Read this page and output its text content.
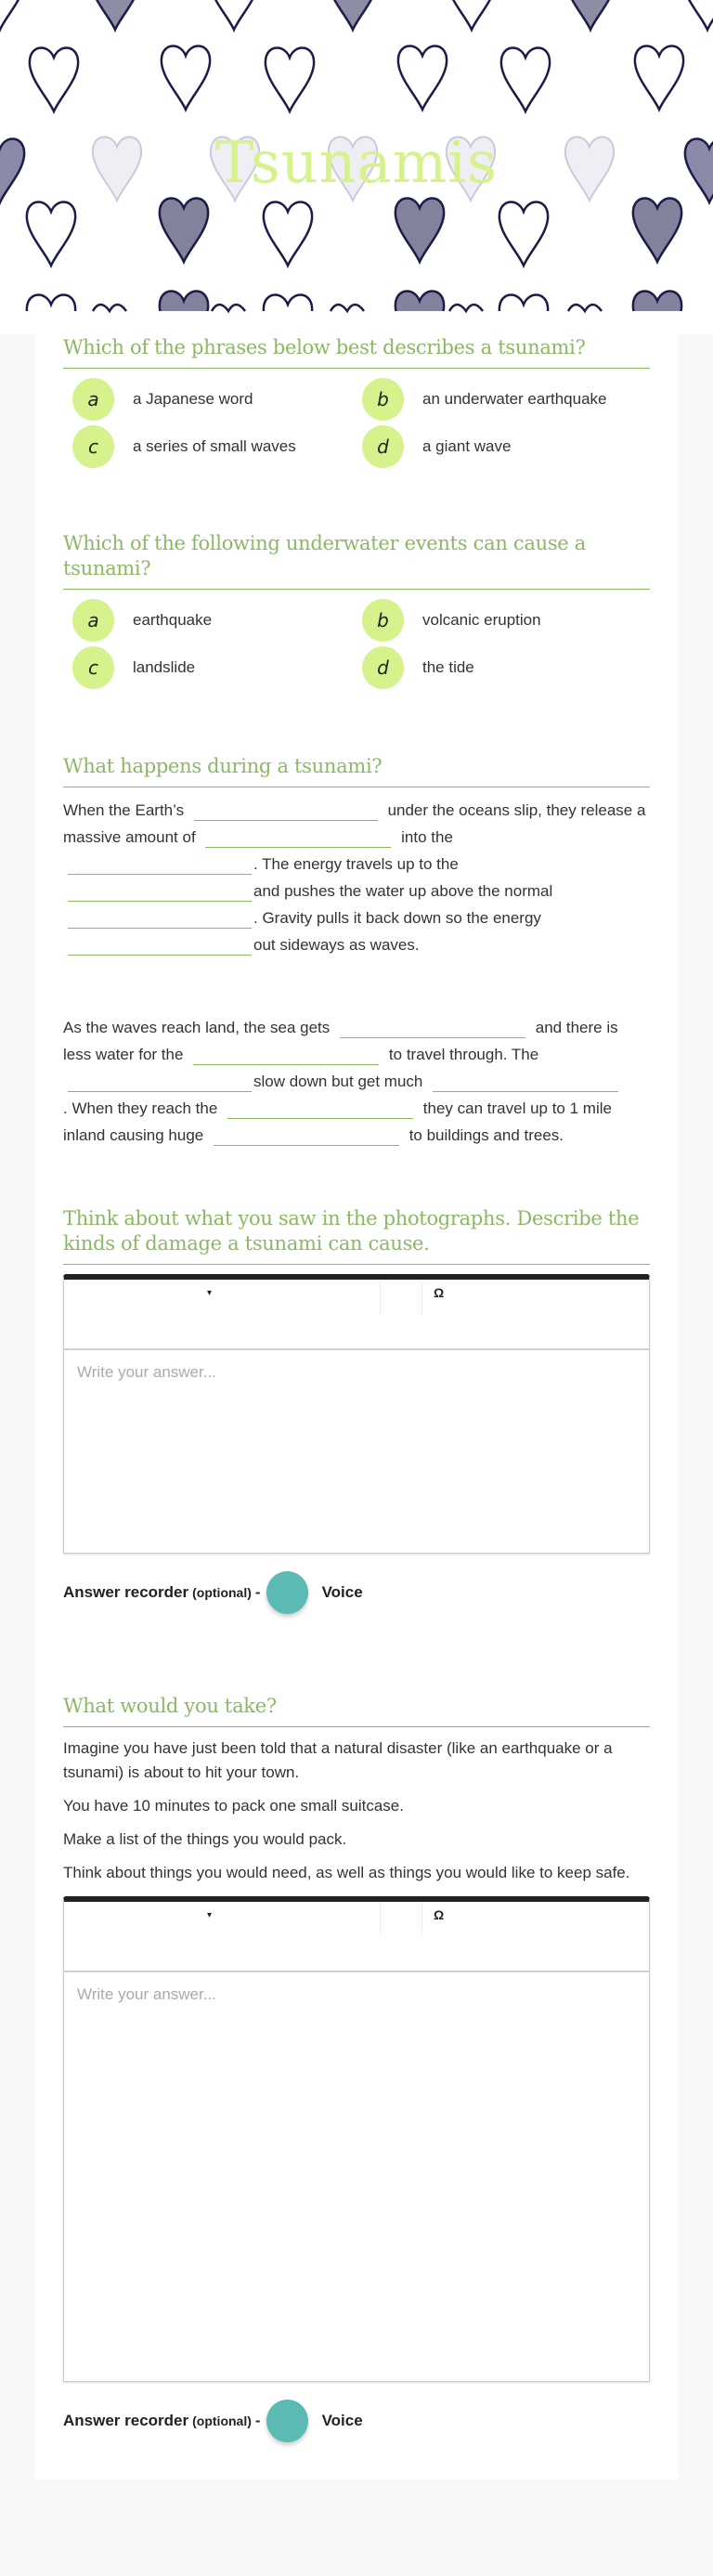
Tsunamis
Which of the phrases below best describes a tsunami?
a	a Japanese word	b	an underwater earthquake
c	a series of small waves	d	a giant wave
Which of the following underwater events can cause a tsunami?
a	earthquake	b	volcanic eruption
c	landslide	d	the tide
What happens during a tsunami?
When the Earth’s	under the oceans slip, they release a massive amount of	into the
. The energy travels up to the
and pushes the water up above the normal
. Gravity pulls it back down so the energy
out sideways as waves.
As the waves reach land, the sea gets	and there is less water for the	to travel through. The
slow down but get much
. When they reach the	they can travel up to 1 mile inland causing huge	to buildings and trees.
Think about what you saw in the photographs. Describe the kinds of damage a tsunami can cause.
▾	Ω
Write your answer...
Answer recorder (optional) -	Voice
What would you take?

Imagine you have just been told that a natural disaster (like an earthquake or a tsunami) is about to hit your town.

You have 10 minutes to pack one small suitcase.

Make a list of the things you would pack.

Think about things you would need, as well as things you would like to keep safe.

▾	Ω
Write your answer...
Answer recorder (optional) -	Voice
